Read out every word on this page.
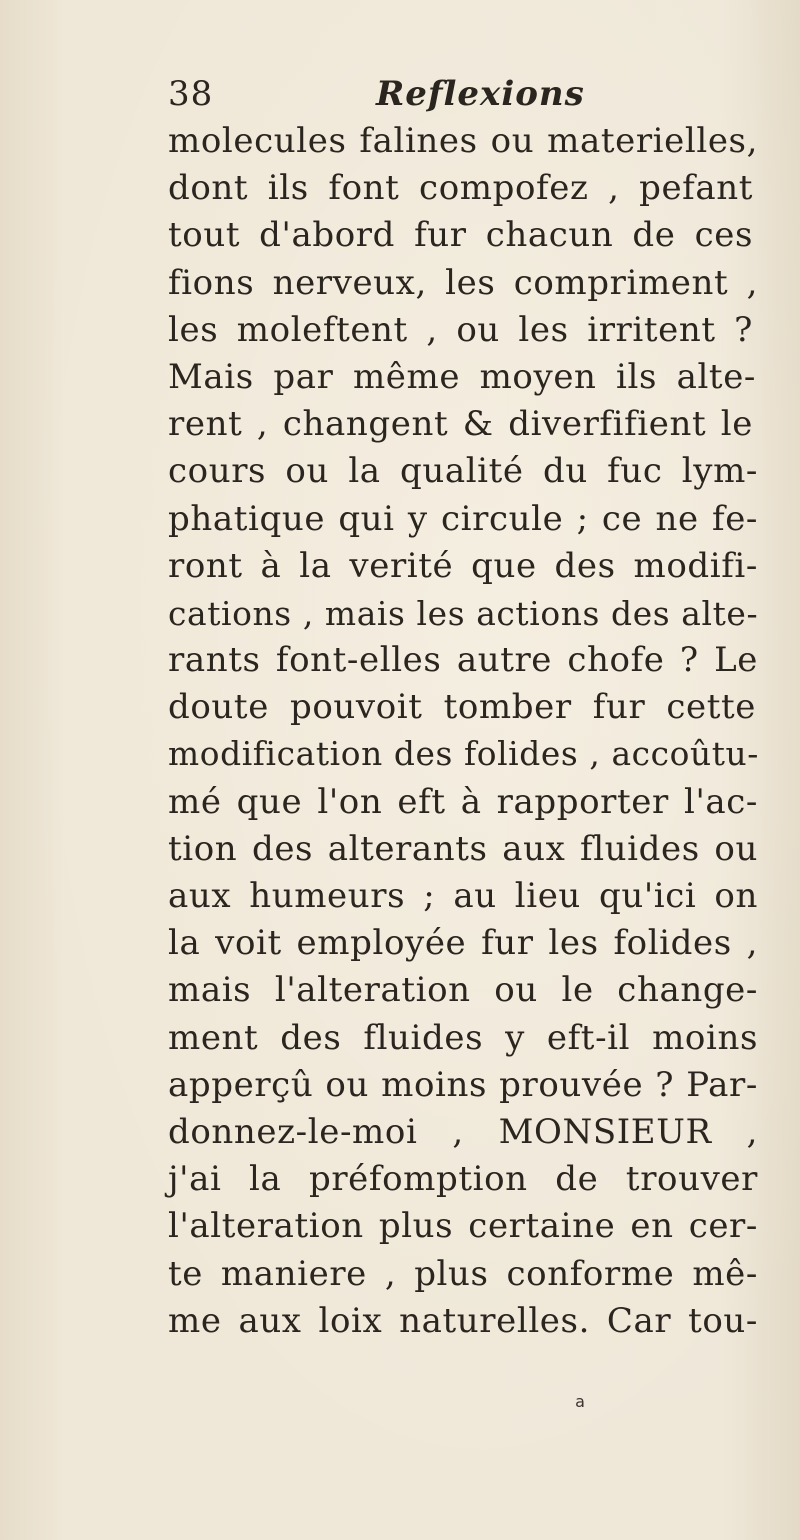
38	Reflexions
molecules falines ou materielles,
dont ils font compofez , pefant
tout d'abord fur chacun de ces
fions nerveux, les compriment ,
les moleftent , ou les irritent ?
Mais par même moyen ils alte-
rent , changent & diverfifient le
cours ou la qualité du fuc lym-
phatique qui y circule ; ce ne fe-
ront à la verité que des modifi-
cations , mais les actions des alte-
rants font-elles autre chofe ? Le
doute pouvoit tomber fur cette
modification des folides , accoûtu-
mé que l'on eft à rapporter l'ac-
tion des alterants aux fluides ou
aux humeurs ; au lieu qu'ici on
la voit employée fur les folides ,
mais l'alteration ou le change-
ment des fluides y eft-il moins
apperçû ou moins prouvée ? Par-
donnez-le-moi , MONSIEUR ,
j'ai la préfomption de trouver
l'alteration plus certaine en cer-
te maniere , plus conforme mê-
me aux loix naturelles. Car tou-
a
